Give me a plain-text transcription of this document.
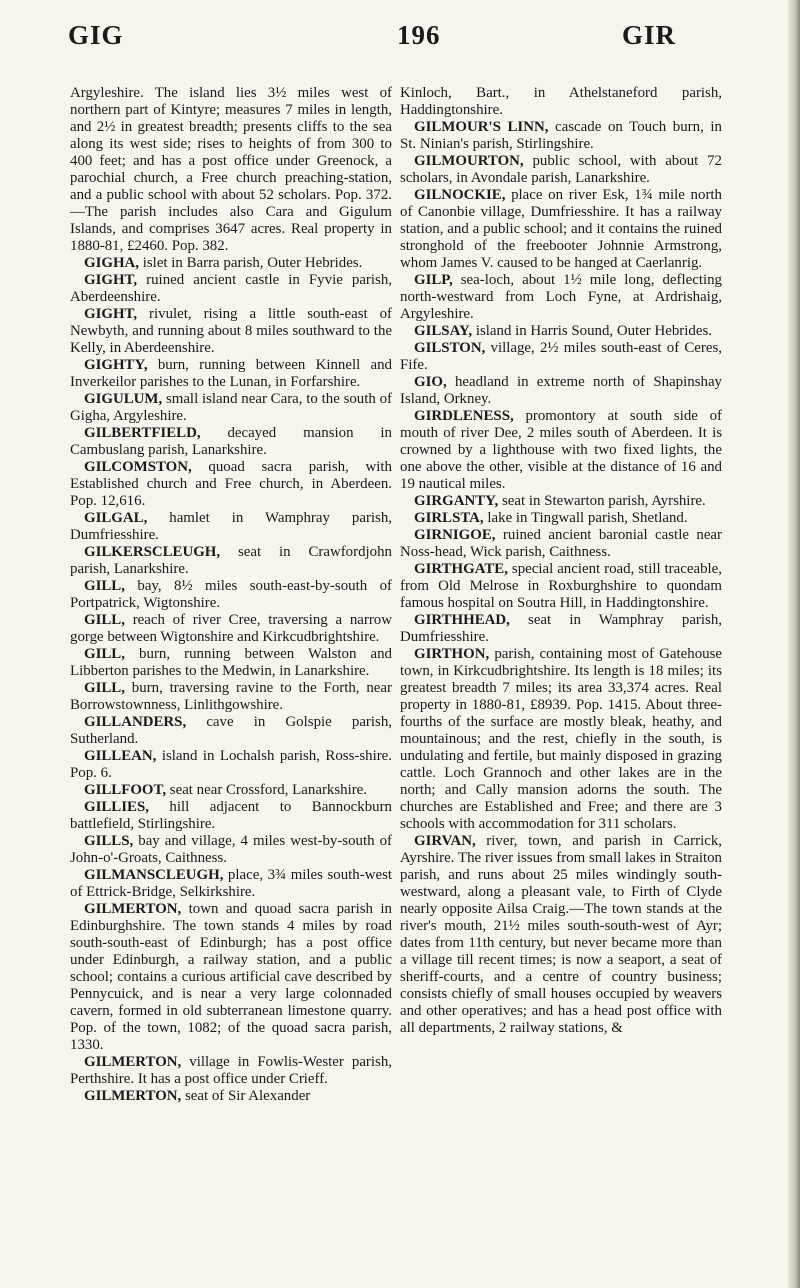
GIG	196	GIR

Argyleshire. The island lies 3½ miles west of northern part of Kintyre; measures 7 miles in length, and 2½ in greatest breadth; presents cliffs to the sea along its west side; rises to heights of from 300 to 400 feet; and has a post office under Greenock, a parochial church, a Free church preaching-station, and a public school with about 52 scholars. Pop. 372.—The parish includes also Cara and Gigulum Islands, and comprises 3647 acres. Real property in 1880-81, £2460. Pop. 382.

GIGHA, islet in Barra parish, Outer Hebrides.

GIGHT, ruined ancient castle in Fyvie parish, Aberdeenshire.

GIGHT, rivulet, rising a little south-east of Newbyth, and running about 8 miles southward to the Kelly, in Aberdeenshire.

GIGHTY, burn, running between Kinnell and Inverkeilor parishes to the Lunan, in Forfarshire.

GIGULUM, small island near Cara, to the south of Gigha, Argyleshire.

GILBERTFIELD, decayed mansion in Cambuslang parish, Lanarkshire.

GILCOMSTON, quoad sacra parish, with Established church and Free church, in Aberdeen. Pop. 12,616.

GILGAL, hamlet in Wamphray parish, Dumfriesshire.

GILKERSCLEUGH, seat in Crawfordjohn parish, Lanarkshire.

GILL, bay, 8½ miles south-east-by-south of Portpatrick, Wigtonshire.

GILL, reach of river Cree, traversing a narrow gorge between Wigtonshire and Kirkcudbrightshire.

GILL, burn, running between Walston and Libberton parishes to the Medwin, in Lanarkshire.

GILL, burn, traversing ravine to the Forth, near Borrowstownness, Linlithgowshire.

GILLANDERS, cave in Golspie parish, Sutherland.

GILLEAN, island in Lochalsh parish, Ross-shire. Pop. 6.

GILLFOOT, seat near Crossford, Lanarkshire.

GILLIES, hill adjacent to Bannockburn battlefield, Stirlingshire.

GILLS, bay and village, 4 miles west-by-south of John-o'-Groats, Caithness.

GILMANSCLEUGH, place, 3¾ miles south-west of Ettrick-Bridge, Selkirkshire.

GILMERTON, town and quoad sacra parish in Edinburghshire. The town stands 4 miles by road south-south-east of Edinburgh; has a post office under Edinburgh, a railway station, and a public school; contains a curious artificial cave described by Pennycuick, and is near a very large colonnaded cavern, formed in old subterranean limestone quarry. Pop. of the town, 1082; of the quoad sacra parish, 1330.

GILMERTON, village in Fowlis-Wester parish, Perthshire. It has a post office under Crieff.

GILMERTON, seat of Sir Alexander

Kinloch, Bart., in Athelstaneford parish, Haddingtonshire.

GILMOUR'S LINN, cascade on Touch burn, in St. Ninian's parish, Stirlingshire.

GILMOURTON, public school, with about 72 scholars, in Avondale parish, Lanarkshire.

GILNOCKIE, place on river Esk, 1¾ mile north of Canonbie village, Dumfriesshire. It has a railway station, and a public school; and it contains the ruined stronghold of the freebooter Johnnie Armstrong, whom James V. caused to be hanged at Caerlanrig.

GILP, sea-loch, about 1½ mile long, deflecting north-westward from Loch Fyne, at Ardrishaig, Argyleshire.

GILSAY, island in Harris Sound, Outer Hebrides.

GILSTON, village, 2½ miles south-east of Ceres, Fife.

GIO, headland in extreme north of Shapinshay Island, Orkney.

GIRDLENESS, promontory at south side of mouth of river Dee, 2 miles south of Aberdeen. It is crowned by a lighthouse with two fixed lights, the one above the other, visible at the distance of 16 and 19 nautical miles.

GIRGANTY, seat in Stewarton parish, Ayrshire.

GIRLSTA, lake in Tingwall parish, Shetland.

GIRNIGOE, ruined ancient baronial castle near Noss-head, Wick parish, Caithness.

GIRTHGATE, special ancient road, still traceable, from Old Melrose in Roxburghshire to quondam famous hospital on Soutra Hill, in Haddingtonshire.

GIRTHHEAD, seat in Wamphray parish, Dumfriesshire.

GIRTHON, parish, containing most of Gatehouse town, in Kirkcudbrightshire. Its length is 18 miles; its greatest breadth 7 miles; its area 33,374 acres. Real property in 1880-81, £8939. Pop. 1415. About three-fourths of the surface are mostly bleak, heathy, and mountainous; and the rest, chiefly in the south, is undulating and fertile, but mainly disposed in grazing cattle. Loch Grannoch and other lakes are in the north; and Cally mansion adorns the south. The churches are Established and Free; and there are 3 schools with accommodation for 311 scholars.

GIRVAN, river, town, and parish in Carrick, Ayrshire. The river issues from small lakes in Straiton parish, and runs about 25 miles windingly south-westward, along a pleasant vale, to Firth of Clyde nearly opposite Ailsa Craig.—The town stands at the river's mouth, 21½ miles south-south-west of Ayr; dates from 11th century, but never became more than a village till recent times; is now a seaport, a seat of sheriff-courts, and a centre of country business; consists chiefly of small houses occupied by weavers and other operatives; and has a head post office with all departments, 2 railway stations, &
